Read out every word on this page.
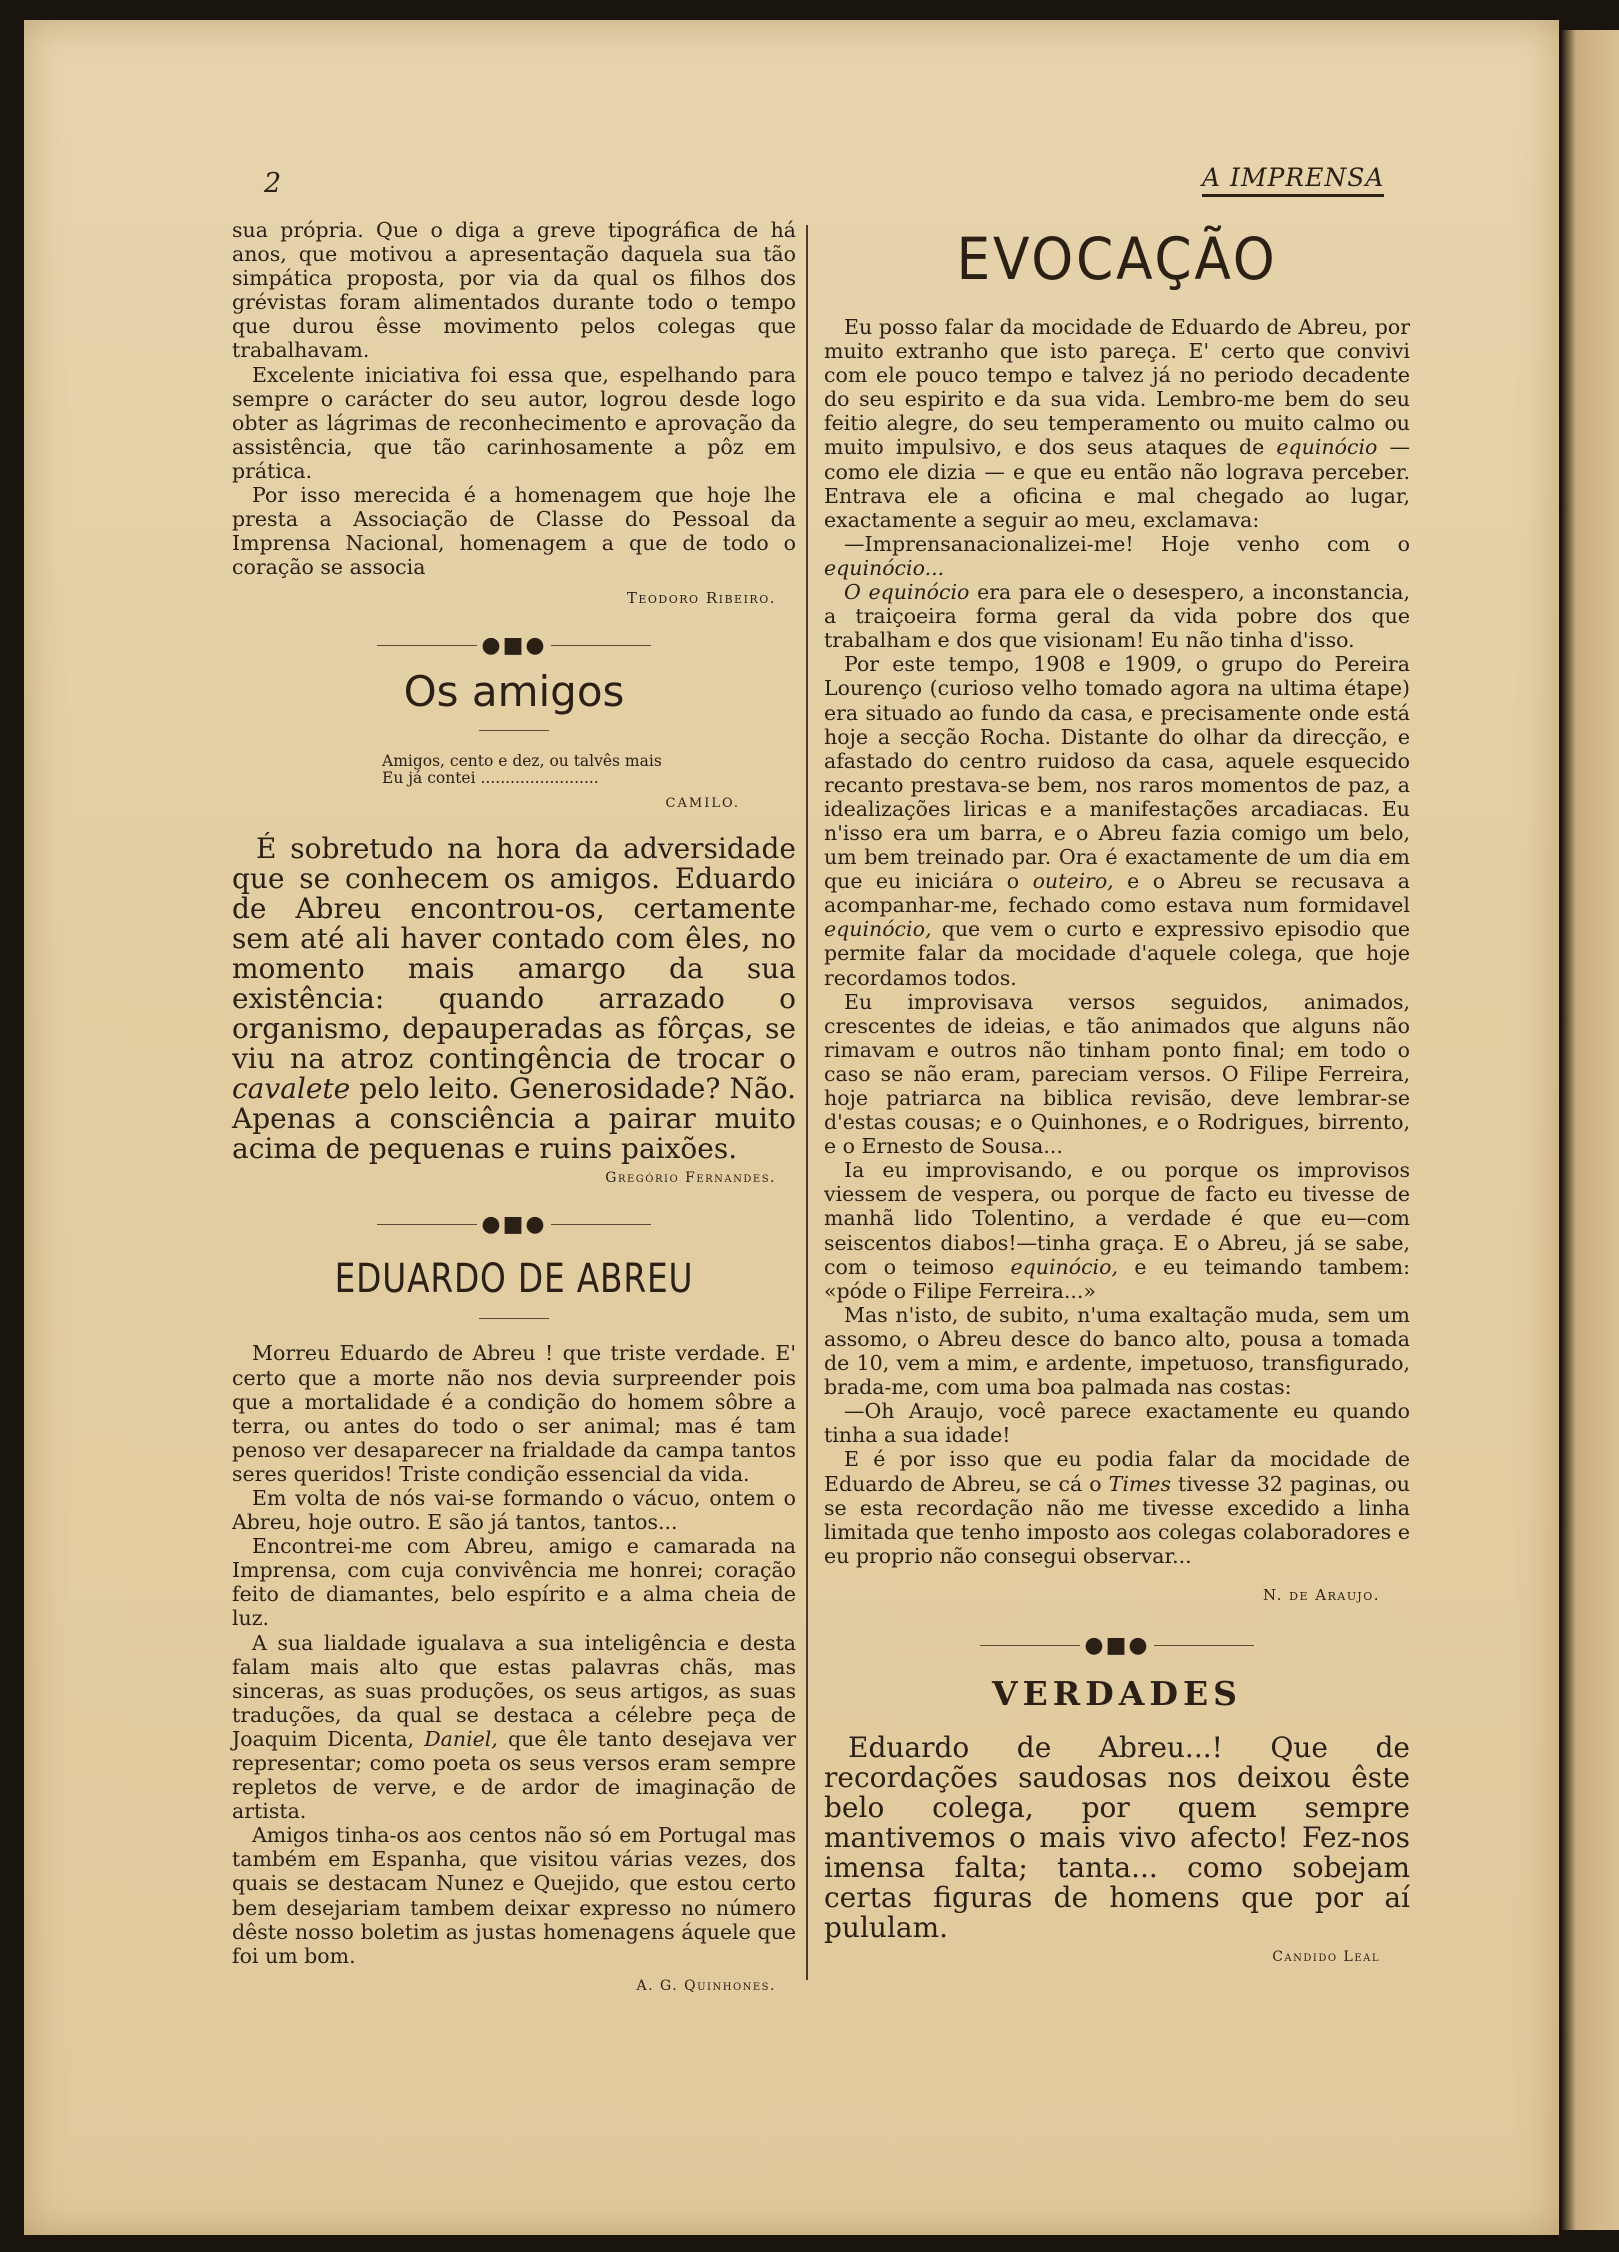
2	A IMPRENSA

sua própria. Que o diga a greve tipográfica de há anos, que motivou a apresentação daquela sua tão simpática proposta, por via da qual os filhos dos grévistas foram alimentados durante todo o tempo que durou êsse movimento pelos colegas que trabalhavam.

Excelente iniciativa foi essa que, espelhando para sempre o carácter do seu autor, logrou desde logo obter as lágrimas de reconhecimento e aprovação da assistência, que tão carinhosamente a pôz em prática.

Por isso merecida é a homenagem que hoje lhe presta a Associação de Classe do Pessoal da Imprensa Nacional, homenagem a que de todo o coração se associa

Teodoro Ribeiro.
●■●
Os amigos
Amigos, cento e dez, ou talvês mais
Eu já contei ........................
CAMILO.

É sobretudo na hora da adversidade que se conhecem os amigos. Eduardo de Abreu encontrou-os, certamente sem até ali haver contado com êles, no momento mais amargo da sua existência: quando arrazado o organismo, depauperadas as fôrças, se viu na atroz contingência de trocar o cavalete pelo leito. Generosidade? Não. Apenas a consciência a pairar muito acima de pequenas e ruins paixões.

Gregório Fernandes.
●■●
EDUARDO DE ABREU

Morreu Eduardo de Abreu ! que triste verdade. E' certo que a morte não nos devia surpreender pois que a mortalidade é a condição do homem sôbre a terra, ou antes do todo o ser animal; mas é tam penoso ver desaparecer na frialdade da campa tantos seres queridos! Triste condição essencial da vida.

Em volta de nós vai-se formando o vácuo, ontem o Abreu, hoje outro. E são já tantos, tantos...

Encontrei-me com Abreu, amigo e camarada na Imprensa, com cuja convivência me honrei; coração feito de diamantes, belo espírito e a alma cheia de luz.

A sua lialdade igualava a sua inteligência e desta falam mais alto que estas palavras chãs, mas sinceras, as suas produções, os seus artigos, as suas traduções, da qual se destaca a célebre peça de Joaquim Dicenta, Daniel, que êle tanto desejava ver representar; como poeta os seus versos eram sempre repletos de verve, e de ardor de imaginação de artista.

Amigos tinha-os aos centos não só em Portugal mas também em Espanha, que visitou várias vezes, dos quais se destacam Nunez e Quejido, que estou certo bem desejariam tambem deixar expresso no número dêste nosso boletim as justas homenagens áquele que foi um bom.

A. G. Quinhones.
EVOCAÇÃO

Eu posso falar da mocidade de Eduardo de Abreu, por muito extranho que isto pareça. E' certo que convivi com ele pouco tempo e talvez já no periodo decadente do seu espirito e da sua vida. Lembro-me bem do seu feitio alegre, do seu temperamento ou muito calmo ou muito impulsivo, e dos seus ataques de equinócio — como ele dizia — e que eu então não lograva perceber. Entrava ele a oficina e mal chegado ao lugar, exactamente a seguir ao meu, exclamava:

—Imprensanacionalizei-me! Hoje venho com o equinócio...

O equinócio era para ele o desespero, a inconstancia, a traiçoeira forma geral da vida pobre dos que trabalham e dos que visionam! Eu não tinha d'isso.

Por este tempo, 1908 e 1909, o grupo do Pereira Lourenço (curioso velho tomado agora na ultima étape) era situado ao fundo da casa, e precisamente onde está hoje a secção Rocha. Distante do olhar da direcção, e afastado do centro ruidoso da casa, aquele esquecido recanto prestava-se bem, nos raros momentos de paz, a idealizações liricas e a manifestações arcadiacas. Eu n'isso era um barra, e o Abreu fazia comigo um belo, um bem treinado par. Ora é exactamente de um dia em que eu iniciára o outeiro, e o Abreu se recusava a acompanhar-me, fechado como estava num formidavel equinócio, que vem o curto e expressivo episodio que permite falar da mocidade d'aquele colega, que hoje recordamos todos.

Eu improvisava versos seguidos, animados, crescentes de ideias, e tão animados que alguns não rimavam e outros não tinham ponto final; em todo o caso se não eram, pareciam versos. O Filipe Ferreira, hoje patriarca na biblica revisão, deve lembrar-se d'estas cousas; e o Quinhones, e o Rodrigues, birrento, e o Ernesto de Sousa...

Ia eu improvisando, e ou porque os improvisos viessem de vespera, ou porque de facto eu tivesse de manhã lido Tolentino, a verdade é que eu—com seiscentos diabos!—tinha graça. E o Abreu, já se sabe, com o teimoso equinócio, e eu teimando tambem: «póde o Filipe Ferreira...»

Mas n'isto, de subito, n'uma exaltação muda, sem um assomo, o Abreu desce do banco alto, pousa a tomada de 10, vem a mim, e ardente, impetuoso, transfigurado, brada-me, com uma boa palmada nas costas:

—Oh Araujo, você parece exactamente eu quando tinha a sua idade!

E é por isso que eu podia falar da mocidade de Eduardo de Abreu, se cá o Times tivesse 32 paginas, ou se esta recordação não me tivesse excedido a linha limitada que tenho imposto aos colegas colaboradores e eu proprio não consegui observar...

N. de Araujo.
●■●
VERDADES

Eduardo de Abreu...! Que de recordações saudosas nos deixou êste belo colega, por quem sempre mantivemos o mais vivo afecto! Fez-nos imensa falta; tanta... como sobejam certas figuras de homens que por aí pululam.

Candido Leal
